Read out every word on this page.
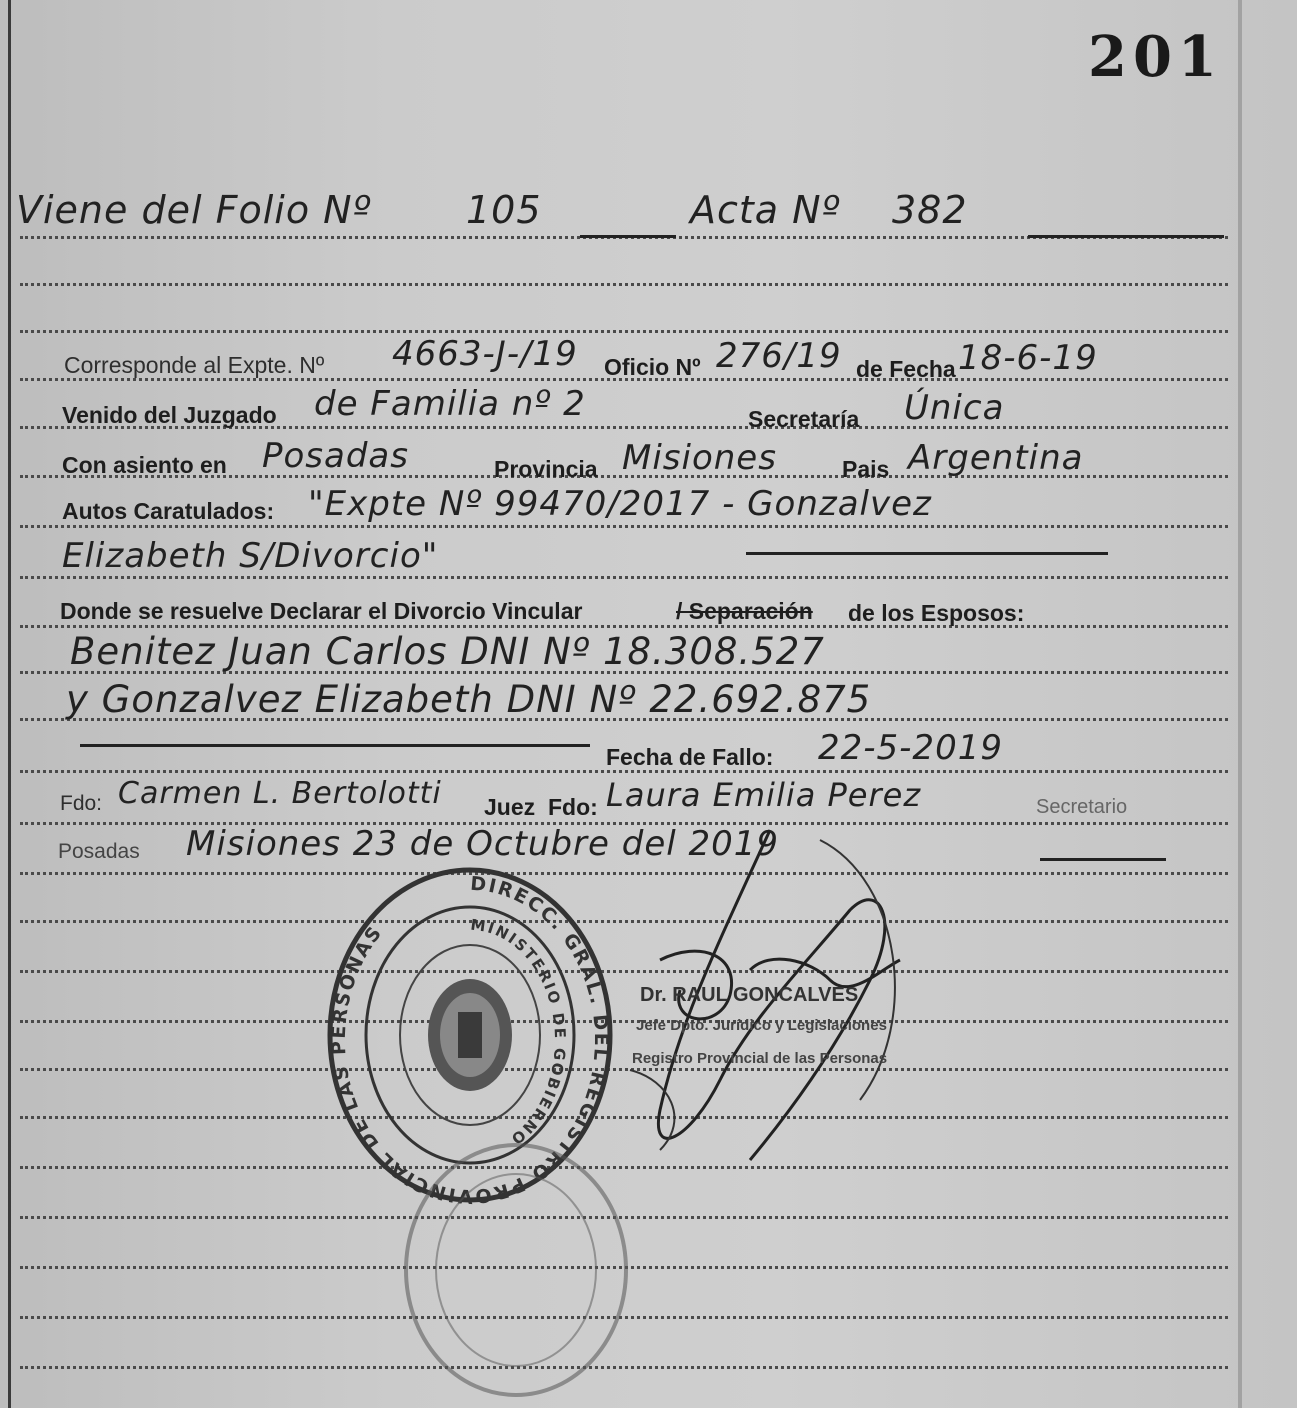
201
Viene del Folio Nº 105	Acta Nº 382
Corresponde al Expte. Nº 4663-J-/19 Oficio Nº 276/19 de Fecha 18-6-19
Venido del Juzgado de Familia nº 2	Secretaría Única
Con asiento en Posadas	Provincia Misiones	Pais Argentina
Autos Caratulados: "Expte Nº 99470/2017 - Gonzalvez
Elizabeth S/Divorcio"
Donde se resuelve Declarar el Divorcio Vincular	/ Separación de los Esposos:
Benitez Juan Carlos DNI Nº 18.308.527
y Gonzalvez Elizabeth DNI Nº 22.692.875
Fecha de Fallo: 22-5-2019
Fdo: Carmen L. Bertolotti Juez Fdo: Laura Emilia Perez	Secretario
Posadas Misiones 23 de Octubre del 2019
DIRECC. GRAL. DEL REGISTRO PROVINCIAL DE LAS PERSONAS	MINISTERIO DE GOBIERNO
Dr. RAUL GONCALVES
Jefe Dpto. Jurídico y Legislaciones
Registro Provincial de las Personas
